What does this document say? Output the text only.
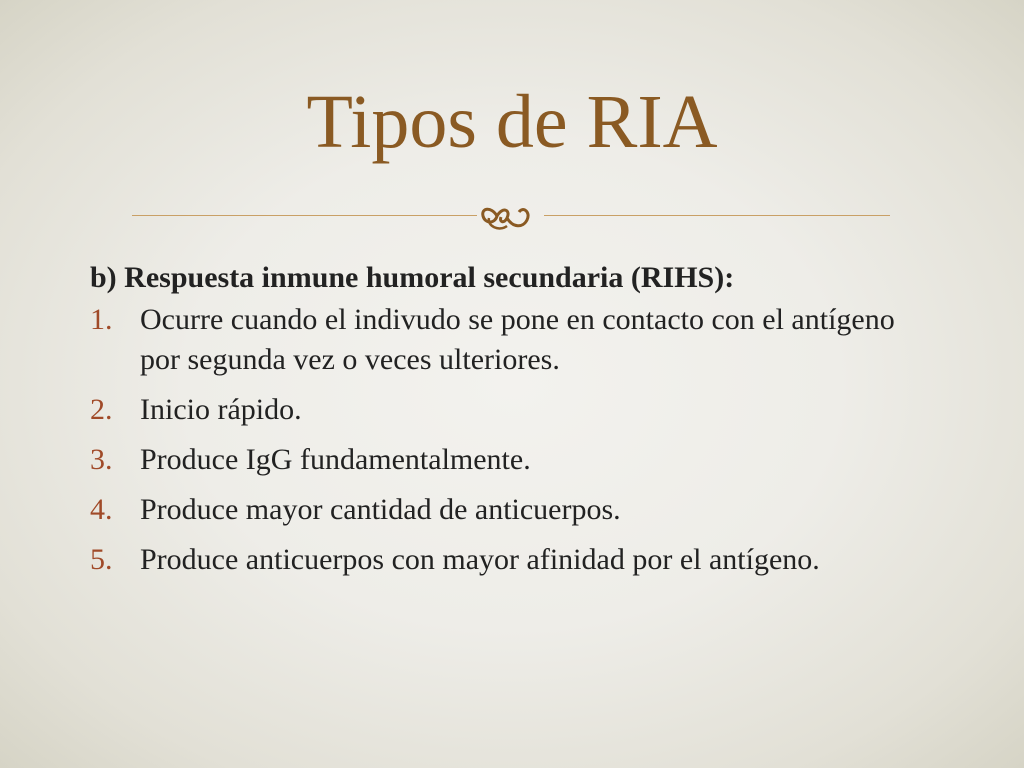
Tipos de RIA

b) Respuesta inmune humoral secundaria (RIHS):

1. Ocurre cuando el indivudo se pone en contacto con el antígeno por segunda vez o veces ulteriores.
2. Inicio rápido.
3. Produce IgG fundamentalmente.
4. Produce mayor cantidad de anticuerpos.
5. Produce anticuerpos con mayor afinidad por el antígeno.
